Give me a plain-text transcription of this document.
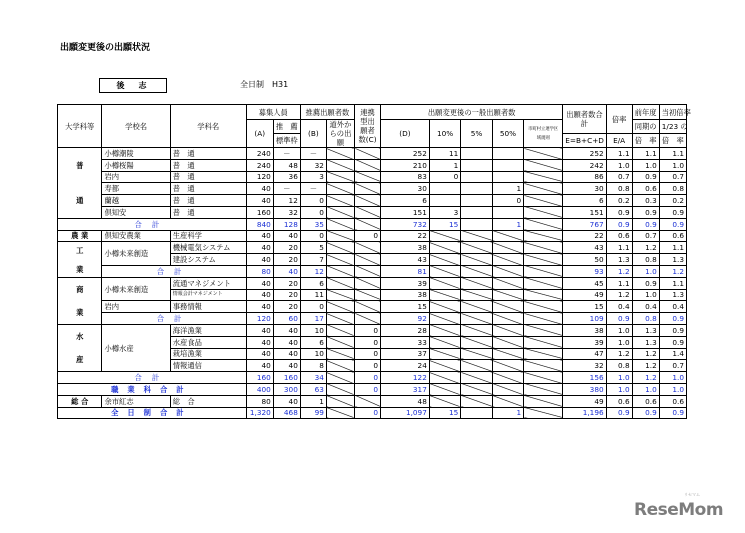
出願変更後の出願状況
後　志	全日制　H31
大学科等	学校名	学科名	募集人員		推薦出願者数		連携型出願者数(C)	出願変更後の一般出願者数					出願者数合計	倍率	前年度	当初倍率
			(A)	推　薦	(B)	道外からの出願		(D)	10%	5%	50%	市町村立連学区域規則			同期の	1/23 の
				標準枠									E=B+C+D	E/A	倍　率	倍　率

普
通	小樽潮陵	普　通	240	－	－			252	11				252	1.1	1.1	1.1
	小樽桜陽	普　通	240	48	32			210	1				242	1.0	1.0	1.0
	岩内	普　通	120	36	3			83	0				86	0.7	0.9	0.7
	寿都	普　通	40	－	－			30			1		30	0.8	0.6	0.8
	蘭越	普　通	40	12	0			6			0		6	0.2	0.3	0.2
	倶知安	普　通	160	32	0			151	3				151	0.9	0.9	0.9
合計			840	128	35			732	15		1		767	0.9	0.9	0.9
農 業	倶知安農業	生産科学	40	40	0		0	22					22	0.6	0.7	0.6

工
業	小樽未来創造	機械電気システム	40	20	5			38					43	1.1	1.2	1.1
		建設システム	40	20	7			43					50	1.3	0.8	1.3
	合計		80	40	12			81					93	1.2	1.0	1.2

商
業	小樽未来創造	流通マネジメント	40	20	6			39					45	1.1	0.9	1.1
		情報会計マネジメント	40	20	11			38					49	1.2	1.0	1.3
	岩内	事務情報	40	20	0			15					15	0.4	0.4	0.4
	合計		120	60	17			92					109	0.9	0.8	0.9

水
産	小樽水産	海洋漁業	40	40	10		0	28					38	1.0	1.3	0.9
		水産食品	40	40	6		0	33					39	1.0	1.3	0.9
		栽培漁業	40	40	10		0	37					47	1.2	1.2	1.4
		情報通信	40	40	8		0	24					32	0.8	1.2	0.7
合計			160	160	34		0	122					156	1.0	1.2	1.0
職業科合計			400	300	63		0	317					380	1.0	1.0	1.0
総 合	余市紅志	総　合	80	40	1			48					49	0.6	0.6	0.6
全日制合計			1,320	468	99		0	1,097	15		1		1,196	0.9	0.9	0.9
リセマム
ReseMom
